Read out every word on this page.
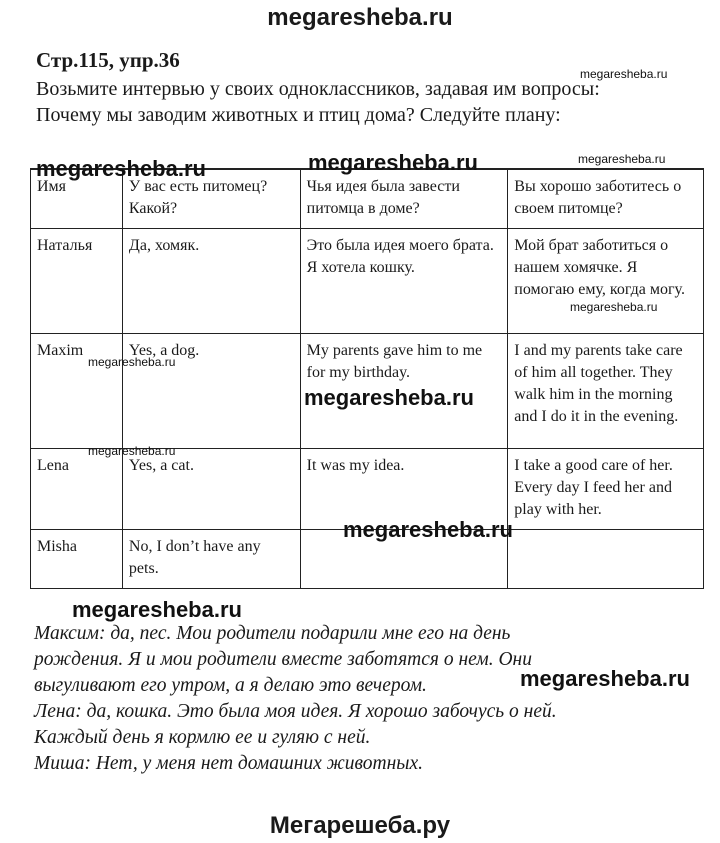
megaresheba.ru
Стр.115, упр.36
megaresheba.ru
Возьмите интервью у своих одноклассников, задавая им вопросы:
Почему мы заводим животных и птиц дома? Следуйте плану:
Имя	У вас есть питомец? Какой?	Чья идея была завести питомца в доме?	Вы хорошо заботитесь о своем питомце?
Наталья	Да, хомяк.	Это была идея моего брата. Я хотела кошку.	Мой брат заботиться о нашем хомячке. Я помогаю ему, когда могу.
Maxim	Yes, a dog.	My parents gave him to me for my birthday.	I and my parents take care of him all together. They walk him in the morning and I do it in the evening.
Lena	Yes, a cat.	It was my idea.	I take a good care of her. Every day I feed her and play with her.
Misha	No, I don’t have any pets.		
megaresheba.ru	megaresheba.ru	megaresheba.ru
megaresheba.ru
megaresheba.ru
megaresheba.ru
megaresheba.ru
megaresheba.ru
megaresheba.ru

Максим: да, пес. Мои родители подарили мне его на день

рождения. Я и мои родители вместе заботятся о нем. Они

выгуливают его утром, а я делаю это вечером.

Лена: да, кошка. Это была моя идея. Я хорошо забочусь о ней.

Каждый день я кормлю ее и гуляю с ней.

Миша: Нет, у меня нет домашних животных.

megaresheba.ru
Мегарешеба.ру
